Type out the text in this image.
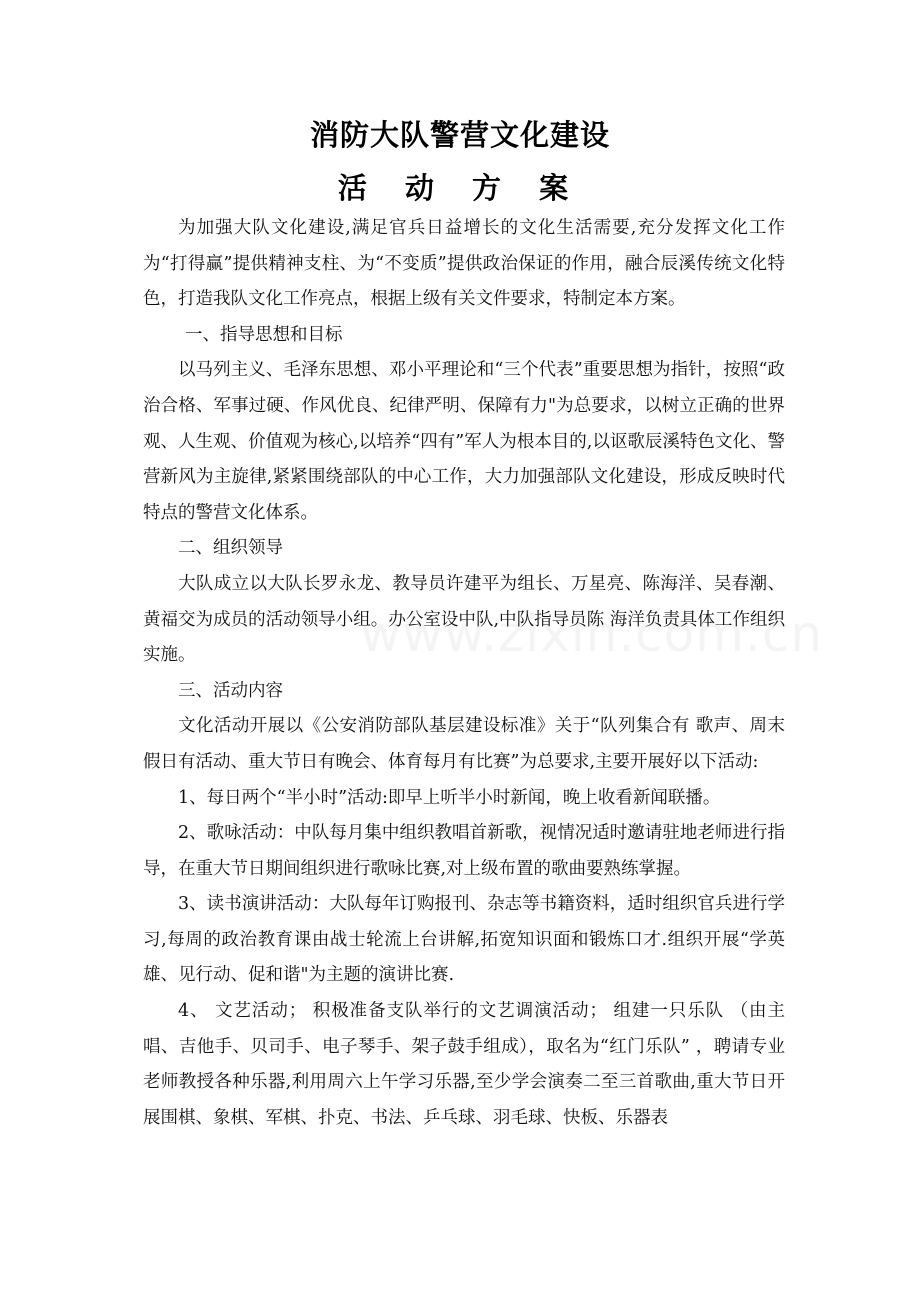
消防大队警营文化建设
活 动 方 案

为加强大队文化建设,满足官兵日益增长的文化生活需要,充分发挥文化工作为“打得赢”提供精神支柱、为“不变质”提供政治保证的作用，融合辰溪传统文化特色，打造我队文化工作亮点，根据上级有关文件要求，特制定本方案。

一、指导思想和目标

以马列主义、毛泽东思想、邓小平理论和“三个代表”重要思想为指针，按照“政治合格、军事过硬、作风优良、纪律严明、保障有力"为总要求，以树立正确的世界观、人生观、价值观为核心,以培养“四有”军人为根本目的,以讴歌辰溪特色文化、警营新风为主旋律,紧紧围绕部队的中心工作，大力加强部队文化建设，形成反映时代特点的警营文化体系。

二、组织领导

大队成立以大队长罗永龙、教导员许建平为组长、万星亮、陈海洋、吴春潮、黄福交为成员的活动领导小组。办公室设中队,中队指导员陈 海洋负责具体工作组织实施。

三、活动内容

文化活动开展以《公安消防部队基层建设标准》关于“队列集合有 歌声、周末假日有活动、重大节日有晚会、体育每月有比赛”为总要求,主要开展好以下活动:

1、每日两个“半小时”活动:即早上听半小时新闻，晚上收看新闻联播。

2、歌咏活动：中队每月集中组织教唱首新歌，视情况适时邀请驻地老师进行指导，在重大节日期间组织进行歌咏比赛,对上级布置的歌曲要熟练掌握。

3、读书演讲活动：大队每年订购报刊、杂志等书籍资料，适时组织官兵进行学习,每周的政治教育课由战士轮流上台讲解,拓宽知识面和锻炼口才.组织开展“学英雄、见行动、促和谐"为主题的演讲比赛.

4、 文艺活动； 积极准备支队举行的文艺调演活动； 组建一只乐队 （由主唱、吉他手、贝司手、电子琴手、架子鼓手组成），取名为“红门乐队” ，聘请专业老师教授各种乐器,利用周六上午学习乐器,至少学会演奏二至三首歌曲,重大节日开展围棋、象棋、军棋、扑克、书法、乒乓球、羽毛球、快板、乐器表
